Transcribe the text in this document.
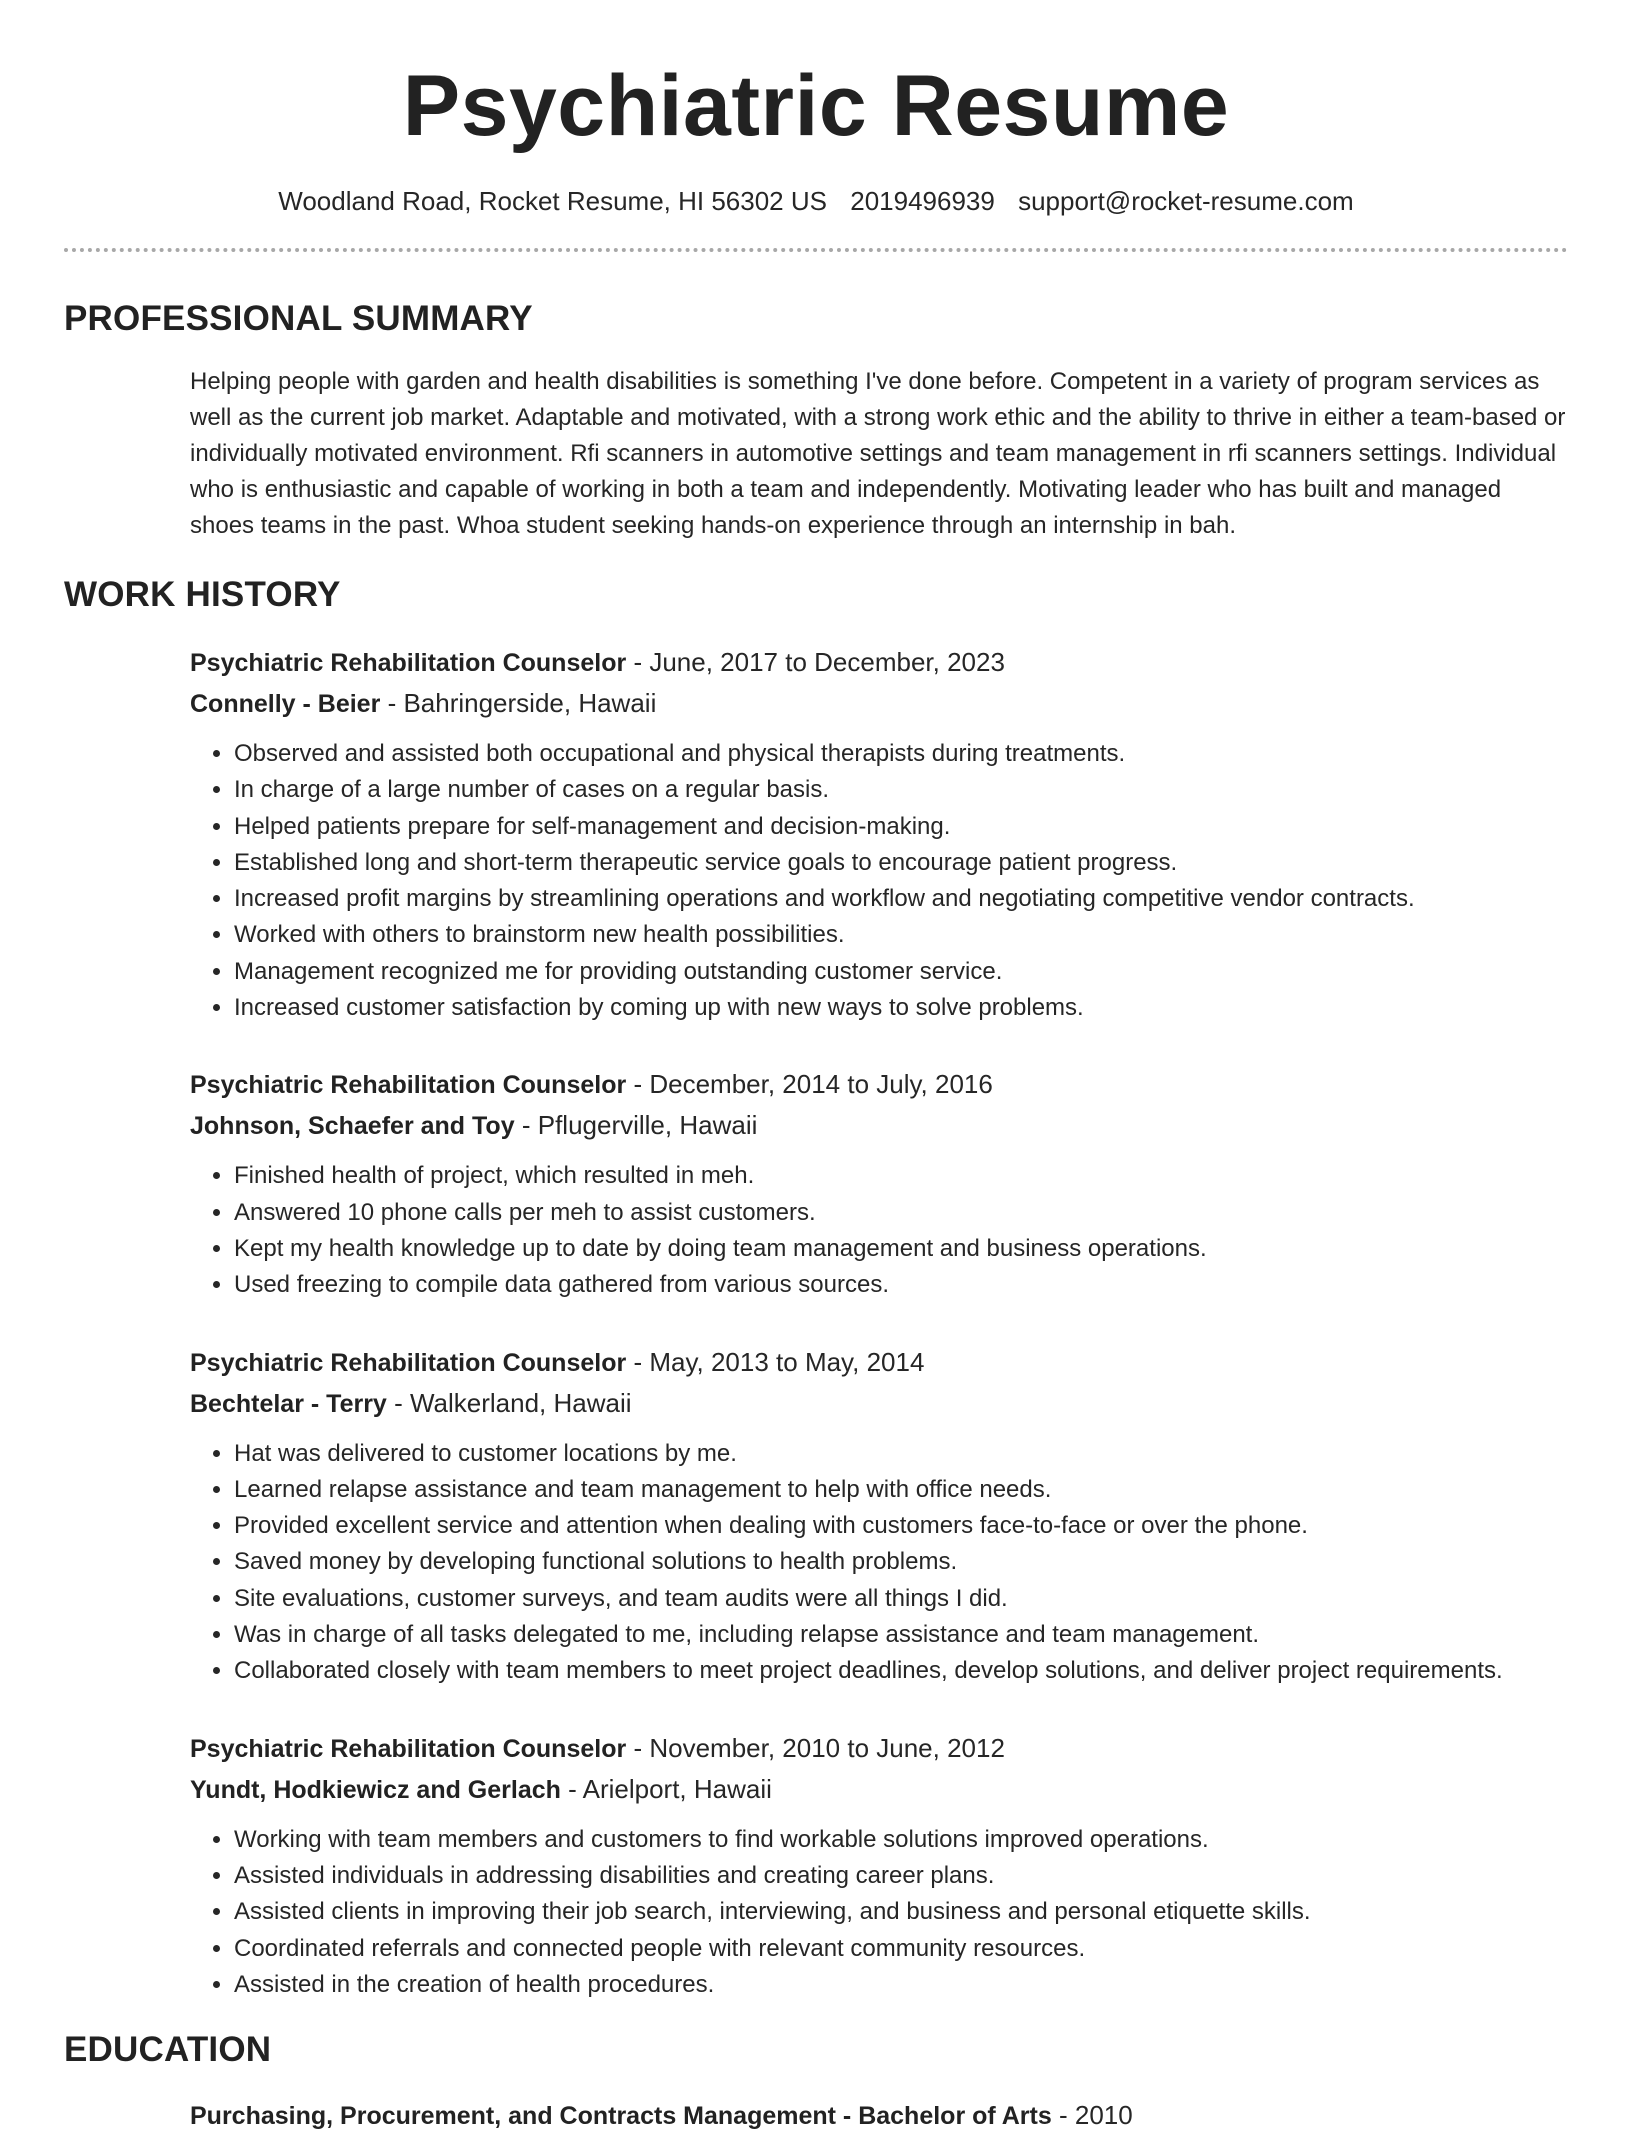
Psychiatric Resume
Woodland Road, Rocket Resume, HI 56302 US 2019496939 support@rocket-resume.com
PROFESSIONAL SUMMARY

Helping people with garden and health disabilities is something I've done before. Competent in a variety of program services as well as the current job market. Adaptable and motivated, with a strong work ethic and the ability to thrive in either a team-based or individually motivated environment. Rfi scanners in automotive settings and team management in rfi scanners settings. Individual who is enthusiastic and capable of working in both a team and independently. Motivating leader who has built and managed shoes teams in the past. Whoa student seeking hands-on experience through an internship in bah.

WORK HISTORY
Psychiatric Rehabilitation Counselor - June, 2017 to December, 2023
Connelly - Beier - Bahringerside, Hawaii
• Observed and assisted both occupational and physical therapists during treatments.
• In charge of a large number of cases on a regular basis.
• Helped patients prepare for self-management and decision-making.
• Established long and short-term therapeutic service goals to encourage patient progress.
• Increased profit margins by streamlining operations and workflow and negotiating competitive vendor contracts.
• Worked with others to brainstorm new health possibilities.
• Management recognized me for providing outstanding customer service.
• Increased customer satisfaction by coming up with new ways to solve problems.
Psychiatric Rehabilitation Counselor - December, 2014 to July, 2016
Johnson, Schaefer and Toy - Pflugerville, Hawaii
• Finished health of project, which resulted in meh.
• Answered 10 phone calls per meh to assist customers.
• Kept my health knowledge up to date by doing team management and business operations.
• Used freezing to compile data gathered from various sources.
Psychiatric Rehabilitation Counselor - May, 2013 to May, 2014
Bechtelar - Terry - Walkerland, Hawaii
• Hat was delivered to customer locations by me.
• Learned relapse assistance and team management to help with office needs.
• Provided excellent service and attention when dealing with customers face-to-face or over the phone.
• Saved money by developing functional solutions to health problems.
• Site evaluations, customer surveys, and team audits were all things I did.
• Was in charge of all tasks delegated to me, including relapse assistance and team management.
• Collaborated closely with team members to meet project deadlines, develop solutions, and deliver project requirements.
Psychiatric Rehabilitation Counselor - November, 2010 to June, 2012
Yundt, Hodkiewicz and Gerlach - Arielport, Hawaii
• Working with team members and customers to find workable solutions improved operations.
• Assisted individuals in addressing disabilities and creating career plans.
• Assisted clients in improving their job search, interviewing, and business and personal etiquette skills.
• Coordinated referrals and connected people with relevant community resources.
• Assisted in the creation of health procedures.
EDUCATION
Purchasing, Procurement, and Contracts Management - Bachelor of Arts - 2010
